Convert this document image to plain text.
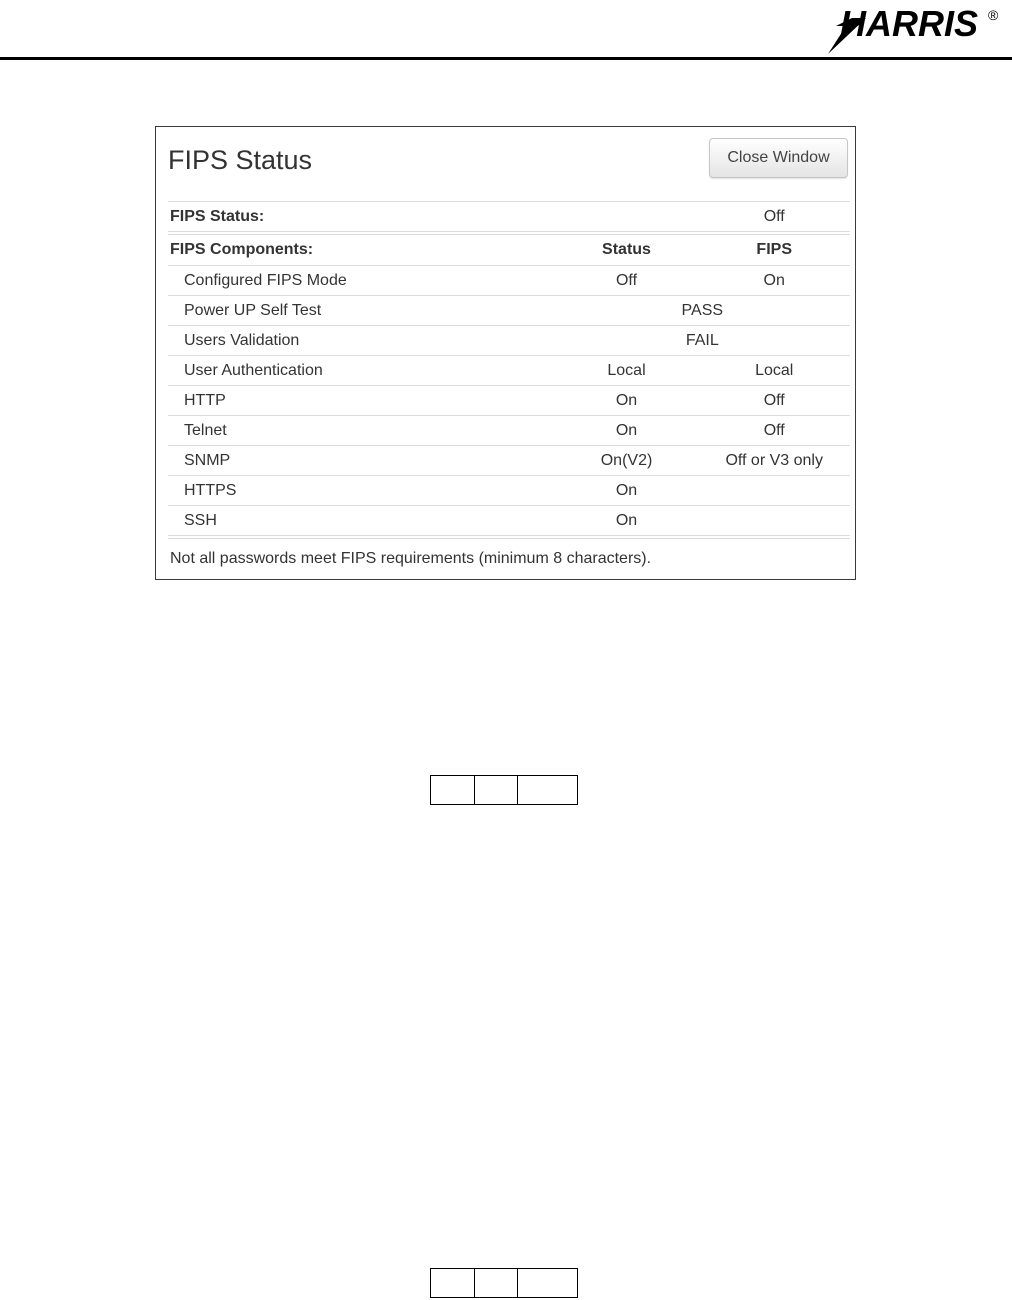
HARRIS ®
FIPS Status	Close Window
FIPS Status:		Off
FIPS Components:	Status	FIPS
Configured FIPS Mode	Off	On
Power UP Self Test	PASS	
Users Validation	FAIL	
User Authentication	Local	Local
HTTP	On	Off
Telnet	On	Off
SNMP	On(V2)	Off or V3 only
HTTPS	On	
SSH	On	
Not all passwords meet FIPS requirements (minimum 8 characters).
